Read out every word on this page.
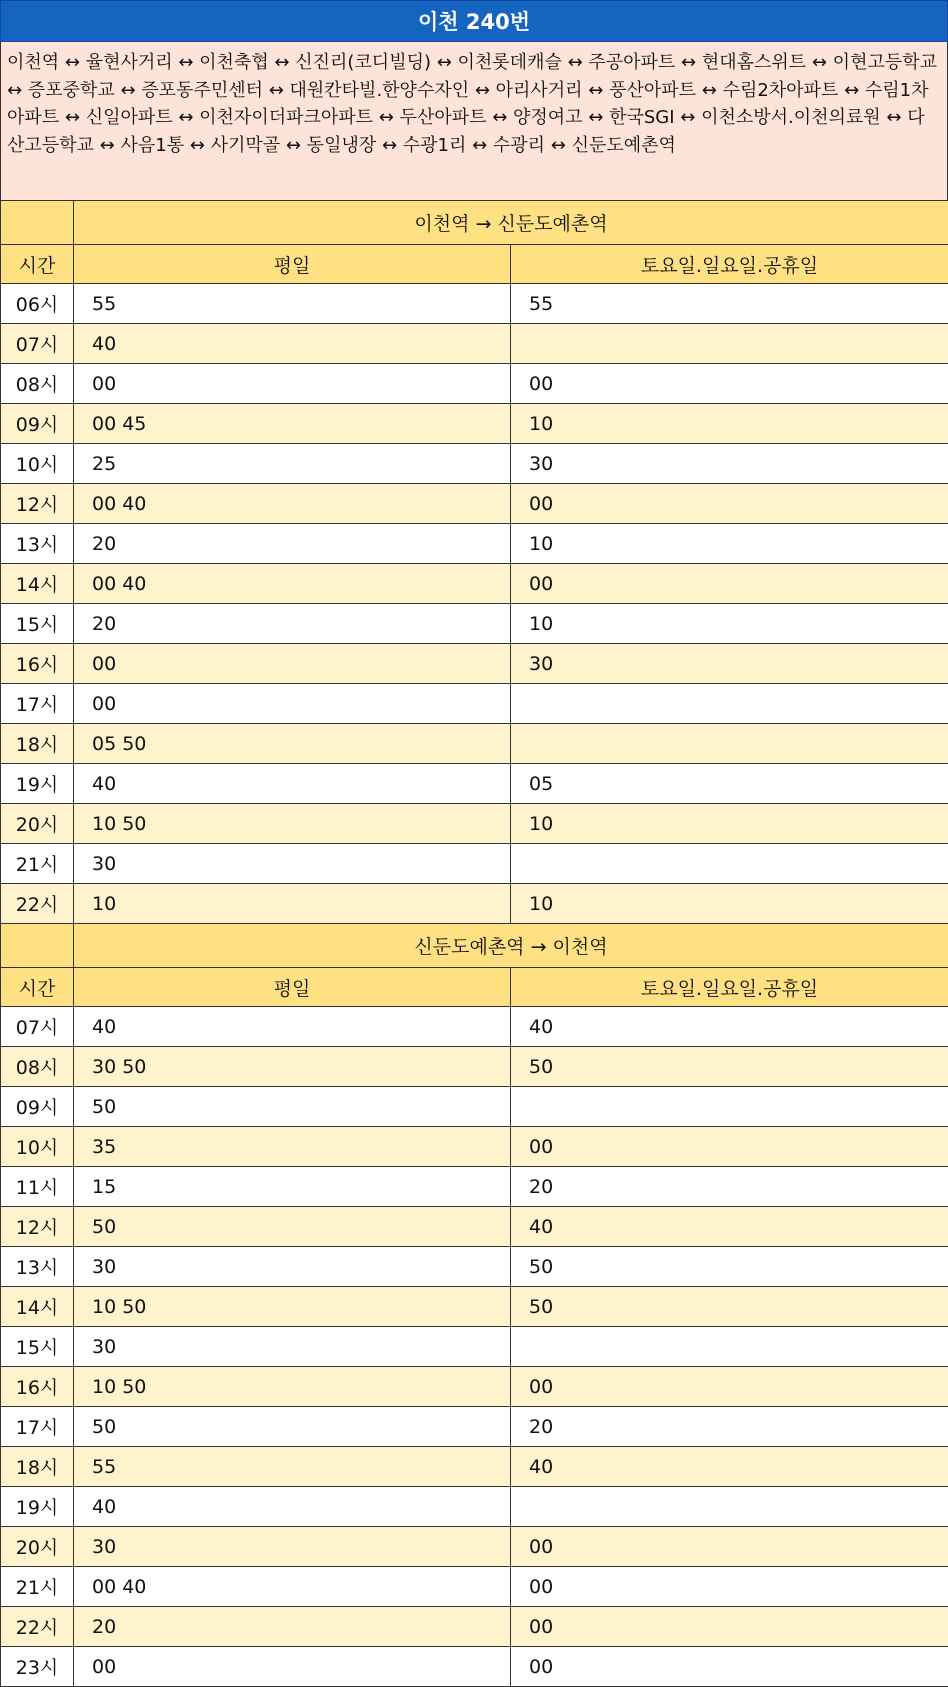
이천 240번
이천역 ↔ 율현사거리 ↔ 이천축협 ↔ 신진리(코디빌딩) ↔ 이천롯데캐슬 ↔ 주공아파트 ↔ 현대홈스위트 ↔ 이현고등학교 ↔ 증포중학교 ↔ 증포동주민센터 ↔ 대원칸타빌.한양수자인 ↔ 아리사거리 ↔ 풍산아파트 ↔ 수림2차아파트 ↔ 수림1차아파트 ↔ 신일아파트 ↔ 이천자이더파크아파트 ↔ 두산아파트 ↔ 양정여고 ↔ 한국SGI ↔ 이천소방서.이천의료원 ↔ 다산고등학교 ↔ 사음1통 ↔ 사기막골 ↔ 동일냉장 ↔ 수광1리 ↔ 수광리 ↔ 신둔도예촌역
	이천역 → 신둔도예촌역	
시간	평일	토요일.일요일.공휴일
06시	55	55
07시	40	
08시	00	00
09시	00 45	10
10시	25	30
12시	00 40	00
13시	20	10
14시	00 40	00
15시	20	10
16시	00	30
17시	00	
18시	05 50	
19시	40	05
20시	10 50	10
21시	30	
22시	10	10
	신둔도예촌역 → 이천역	
시간	평일	토요일.일요일.공휴일
07시	40	40
08시	30 50	50
09시	50	
10시	35	00
11시	15	20
12시	50	40
13시	30	50
14시	10 50	50
15시	30	
16시	10 50	00
17시	50	20
18시	55	40
19시	40	
20시	30	00
21시	00 40	00
22시	20	00
23시	00	00
